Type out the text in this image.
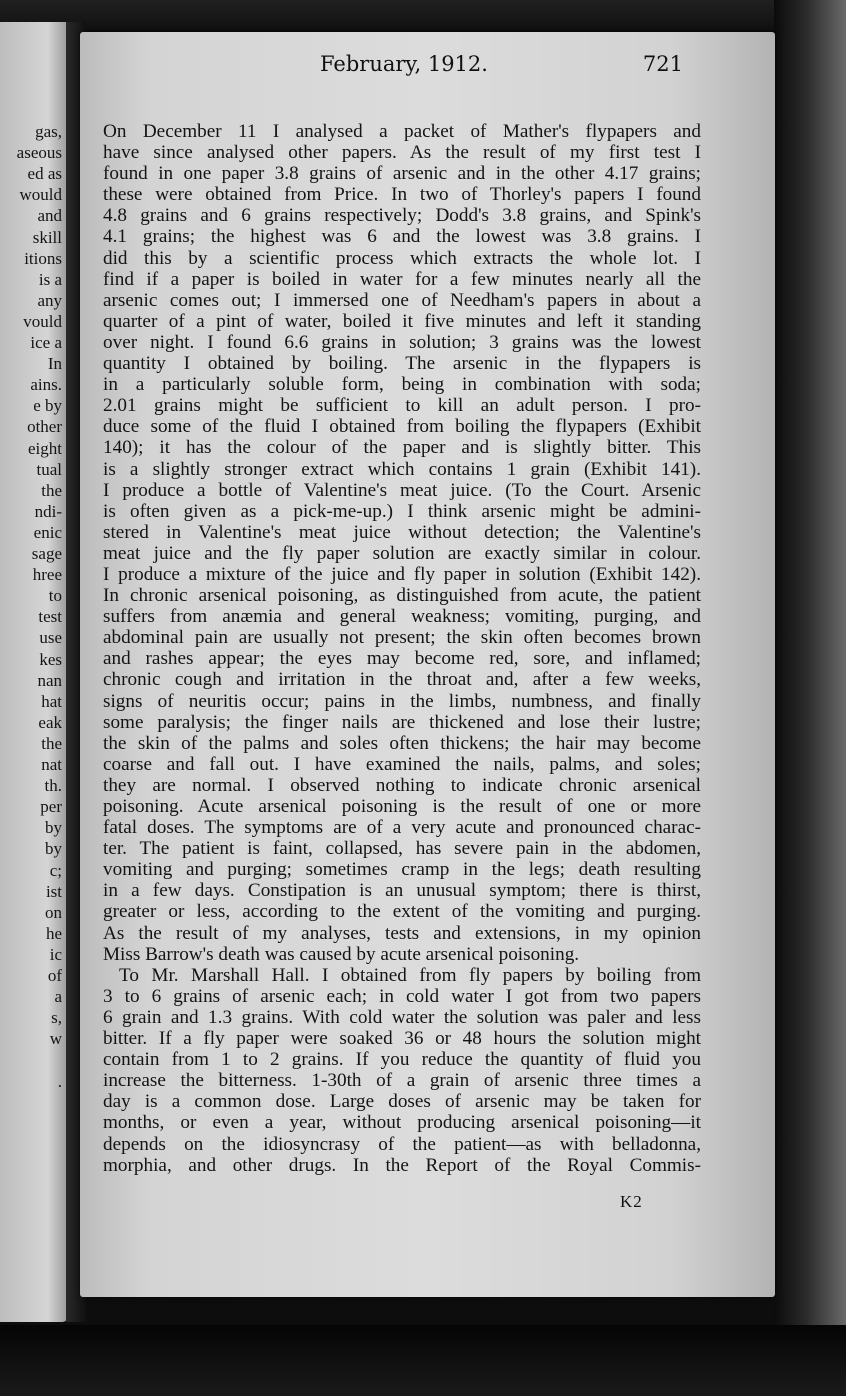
gas,
aseous
ed as
would
and
skill
itions
is a
any
vould
ice a
In
ains.
e by
other
eight
tual
the
ndi-
enic
sage
hree
to
test
use
kes
nan
hat
eak
the
nat
th.
per
by
by
c;
ist
on
he
ic
of
a
s,
w
.
February, 1912.	721
On December 11 I analysed a packet of Mather's flypapers and
have since analysed other papers. As the result of my first test I
found in one paper 3.8 grains of arsenic and in the other 4.17 grains;
these were obtained from Price. In two of Thorley's papers I found
4.8 grains and 6 grains respectively; Dodd's 3.8 grains, and Spink's
4.1 grains; the highest was 6 and the lowest was 3.8 grains. I
did this by a scientific process which extracts the whole lot. I
find if a paper is boiled in water for a few minutes nearly all the
arsenic comes out; I immersed one of Needham's papers in about a
quarter of a pint of water, boiled it five minutes and left it standing
over night. I found 6.6 grains in solution; 3 grains was the lowest
quantity I obtained by boiling. The arsenic in the flypapers is
in a particularly soluble form, being in combination with soda;
2.01 grains might be sufficient to kill an adult person. I pro-
duce some of the fluid I obtained from boiling the flypapers (Exhibit
140); it has the colour of the paper and is slightly bitter. This
is a slightly stronger extract which contains 1 grain (Exhibit 141).
I produce a bottle of Valentine's meat juice. (To the Court. Arsenic
is often given as a pick-me-up.) I think arsenic might be admini-
stered in Valentine's meat juice without detection; the Valentine's
meat juice and the fly paper solution are exactly similar in colour.
I produce a mixture of the juice and fly paper in solution (Exhibit 142).
In chronic arsenical poisoning, as distinguished from acute, the patient
suffers from anæmia and general weakness; vomiting, purging, and
abdominal pain are usually not present; the skin often becomes brown
and rashes appear; the eyes may become red, sore, and inflamed;
chronic cough and irritation in the throat and, after a few weeks,
signs of neuritis occur; pains in the limbs, numbness, and finally
some paralysis; the finger nails are thickened and lose their lustre;
the skin of the palms and soles often thickens; the hair may become
coarse and fall out. I have examined the nails, palms, and soles;
they are normal. I observed nothing to indicate chronic arsenical
poisoning. Acute arsenical poisoning is the result of one or more
fatal doses. The symptoms are of a very acute and pronounced charac-
ter. The patient is faint, collapsed, has severe pain in the abdomen,
vomiting and purging; sometimes cramp in the legs; death resulting
in a few days. Constipation is an unusual symptom; there is thirst,
greater or less, according to the extent of the vomiting and purging.
As the result of my analyses, tests and extensions, in my opinion
Miss Barrow's death was caused by acute arsenical poisoning.
To Mr. Marshall Hall. I obtained from fly papers by boiling from
3 to 6 grains of arsenic each; in cold water I got from two papers
6 grain and 1.3 grains. With cold water the solution was paler and less
bitter. If a fly paper were soaked 36 or 48 hours the solution might
contain from 1 to 2 grains. If you reduce the quantity of fluid you
increase the bitterness. 1-30th of a grain of arsenic three times a
day is a common dose. Large doses of arsenic may be taken for
months, or even a year, without producing arsenical poisoning—it
depends on the idiosyncrasy of the patient—as with belladonna,
morphia, and other drugs. In the Report of the Royal Commis-
K2
